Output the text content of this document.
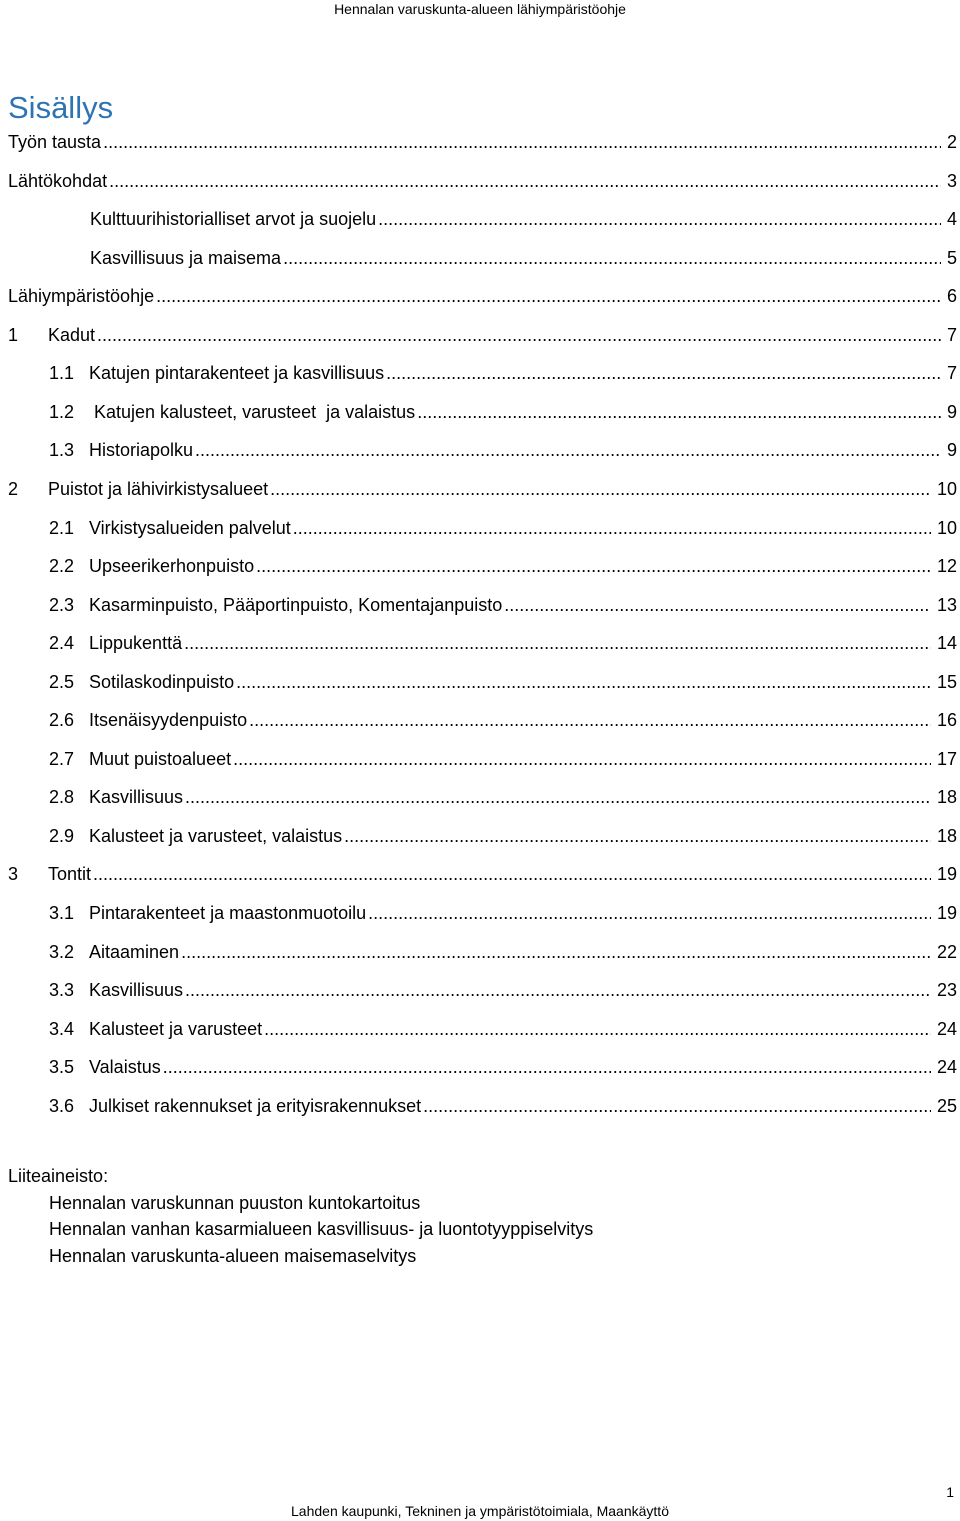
Hennalan varuskunta-alueen lähiympäristöohje
Sisällys
Työn tausta .....	2
Lähtökohdat .....	3
Kulttuurihistorialliset arvot ja suojelu .....	4
Kasvillisuus ja maisema .....	5
Lähiympäristöohje .....	6
1	Kadut .....	7
1.1 Katujen pintarakenteet ja kasvillisuus .....	7
1.2 Katujen kalusteet, varusteet  ja valaistus .....	9
1.3 Historiapolku .....	9
2	Puistot ja lähivirkistysalueet .....	10
2.1 Virkistysalueiden palvelut .....	10
2.2 Upseerikerhonpuisto .....	12
2.3 Kasarminpuisto, Pääportinpuisto, Komentajanpuisto .....	13
2.4 Lippukenttä .....	14
2.5 Sotilaskodinpuisto .....	15
2.6 Itsenäisyydenpuisto .....	16
2.7 Muut puistoalueet .....	17
2.8 Kasvillisuus .....	18
2.9 Kalusteet ja varusteet, valaistus .....	18
3	Tontit .....	19
3.1 Pintarakenteet ja maastonmuotoilu .....	19
3.2 Aitaaminen .....	22
3.3 Kasvillisuus .....	23
3.4 Kalusteet ja varusteet .....	24
3.5 Valaistus .....	24
3.6 Julkiset rakennukset ja erityisrakennukset .....	25
Liiteaineisto:
Hennalan varuskunnan puuston kuntokartoitus
Hennalan vanhan kasarmialueen kasvillisuus- ja luontotyyppiselvitys
Hennalan varuskunta-alueen maisemaselvitys
1
Lahden kaupunki, Tekninen ja ympäristötoimiala, Maankäyttö
